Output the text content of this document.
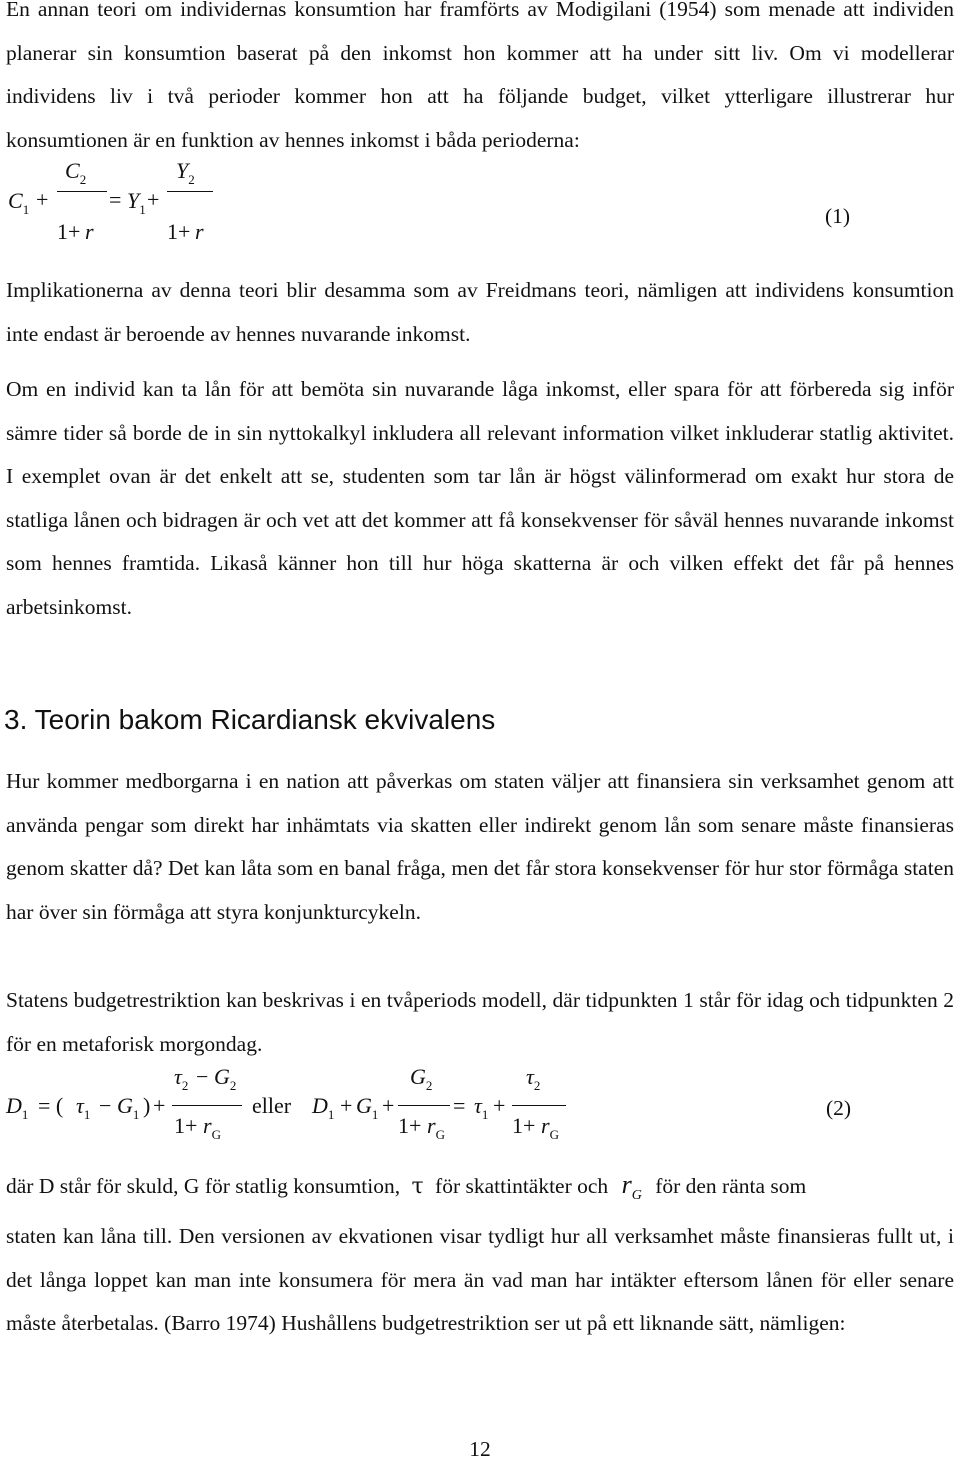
En annan teori om individernas konsumtion har framförts av Modigilani (1954) som menade att individen planerar sin konsumtion baserat på den inkomst hon kommer att ha under sitt liv. Om vi modellerar individens liv i två perioder kommer hon att ha följande budget, vilket ytterligare illustrerar hur konsumtionen är en funktion av hennes inkomst i båda perioderna:

$C_1$ +
$C_2$
1+ r
= $Y_1$ +
$Y_2$
1+ r
(1)

Implikationerna av denna teori blir desamma som av Freidmans teori, nämligen att individens konsumtion inte endast är beroende av hennes nuvarande inkomst.

Om en individ kan ta lån för att bemöta sin nuvarande låga inkomst, eller spara för att förbereda sig inför sämre tider så borde de in sin nyttokalkyl inkludera all relevant information vilket inkluderar statlig aktivitet. I exemplet ovan är det enkelt att se, studenten som tar lån är högst välinformerad om exakt hur stora de statliga lånen och bidragen är och vet att det kommer att få konsekvenser för såväl hennes nuvarande inkomst som hennes framtida. Likaså känner hon till hur höga skatterna är och vilken effekt det får på hennes arbetsinkomst.

3. Teorin bakom Ricardiansk ekvivalens

Hur kommer medborgarna i en nation att påverkas om staten väljer att finansiera sin verksamhet genom att använda pengar som direkt har inhämtats via skatten eller indirekt genom lån som senare måste finansieras genom skatter då? Det kan låta som en banal fråga, men det får stora konsekvenser för hur stor förmåga staten har över sin förmåga att styra konjunkturcykeln.

Statens budgetrestriktion kan beskrivas i en tvåperiods modell, där tidpunkten 1 står för idag och tidpunkten 2 för en metaforisk morgondag.

$D_1$ = ( $\tau_1 - G_1$ ) +
$\tau_2 - G_2$
$1+ r_G$
eller $D_1 + G_1$ +
$G_2$
$1+ r_G$
= $\tau_1$ +
$\tau_2$
$1+ r_G$
(2)
där D står för skuld, G för statlig konsumtion, τ för skattintäkter och $r_G$ för den ränta som

staten kan låna till. Den versionen av ekvationen visar tydligt hur all verksamhet måste finansieras fullt ut, i det långa loppet kan man inte konsumera för mera än vad man har intäkter eftersom lånen för eller senare måste återbetalas. (Barro 1974) Hushållens budgetrestriktion ser ut på ett liknande sätt, nämligen:

12
